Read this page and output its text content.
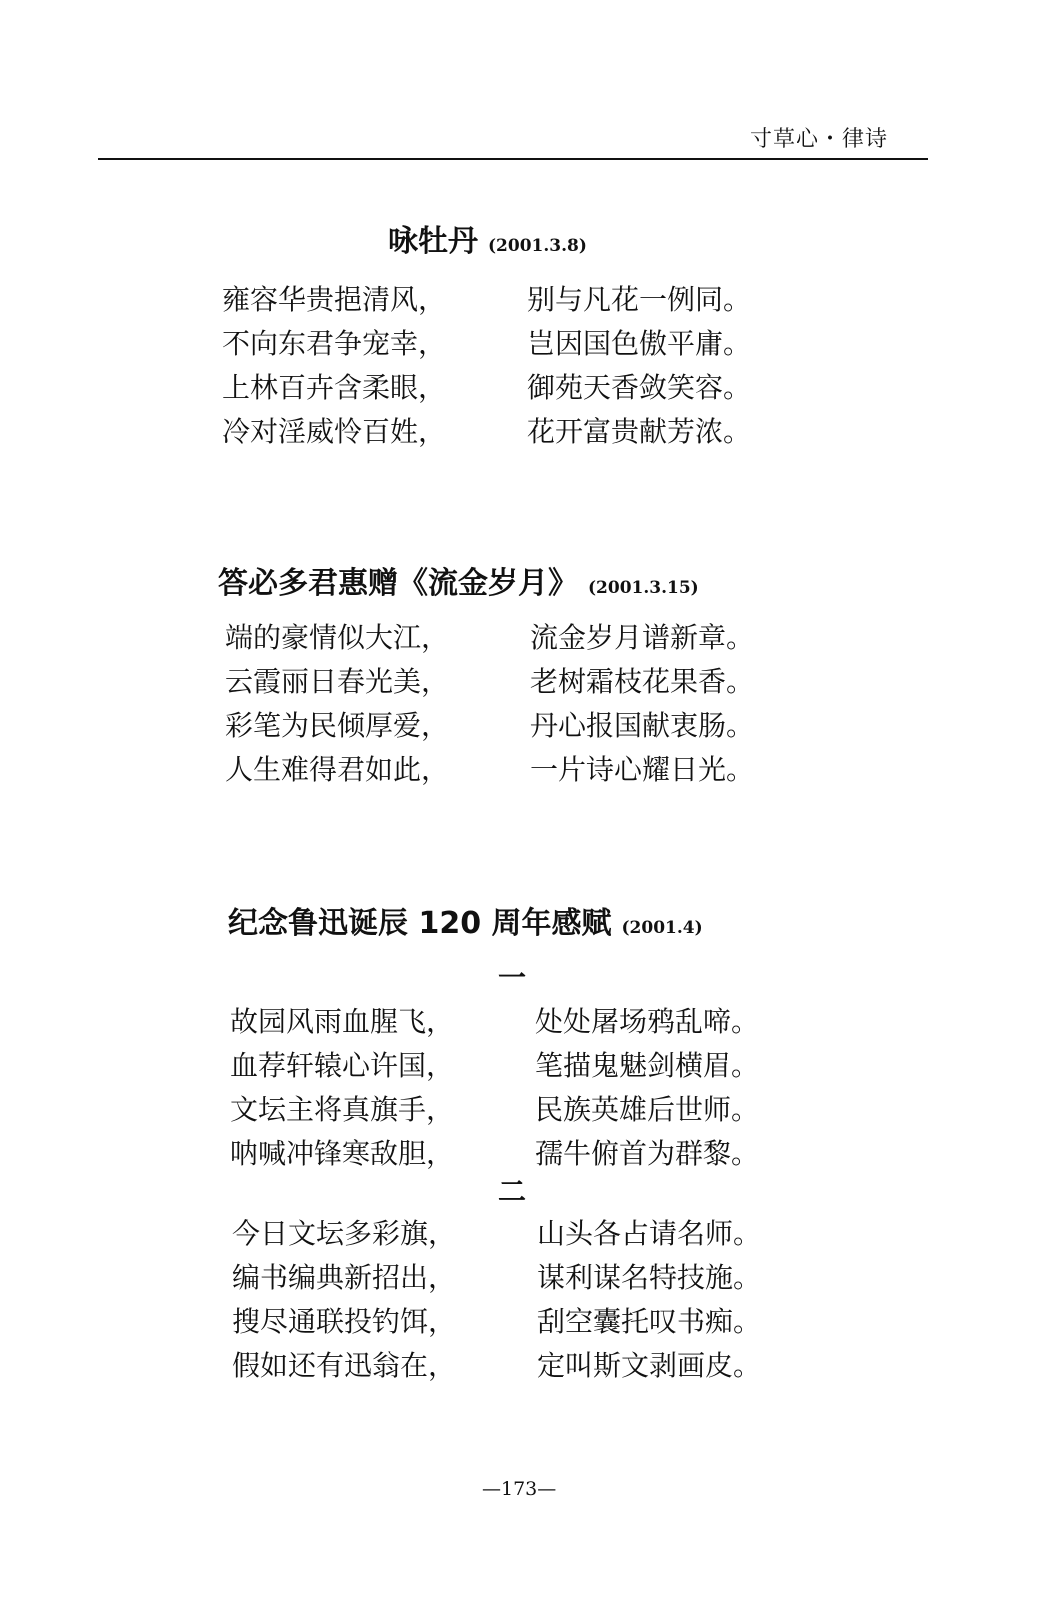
寸草心・律诗
咏牡丹 (2001.3.8)
雍容华贵挹清风，	别与凡花一例同。
不向东君争宠幸，	岂因国色傲平庸。
上林百卉含柔眼，	御苑天香敛笑容。
冷对淫威怜百姓，	花开富贵献芳浓。
答必多君惠赠《流金岁月》 (2001.3.15)
端的豪情似大江，	流金岁月谱新章。
云霞丽日春光美，	老树霜枝花果香。
彩笔为民倾厚爱，	丹心报国献衷肠。
人生难得君如此，	一片诗心耀日光。
纪念鲁迅诞辰 120 周年感赋 (2001.4)
一
故园风雨血腥飞，	处处屠场鸦乱啼。
血荐轩辕心许国，	笔描鬼魅剑横眉。
文坛主将真旗手，	民族英雄后世师。
呐喊冲锋寒敌胆，	孺牛俯首为群黎。
二
今日文坛多彩旗，	山头各占请名师。
编书编典新招出，	谋利谋名特技施。
搜尽通联投钓饵，	刮空囊托叹书痴。
假如还有迅翁在，	定叫斯文剥画皮。
—173—
